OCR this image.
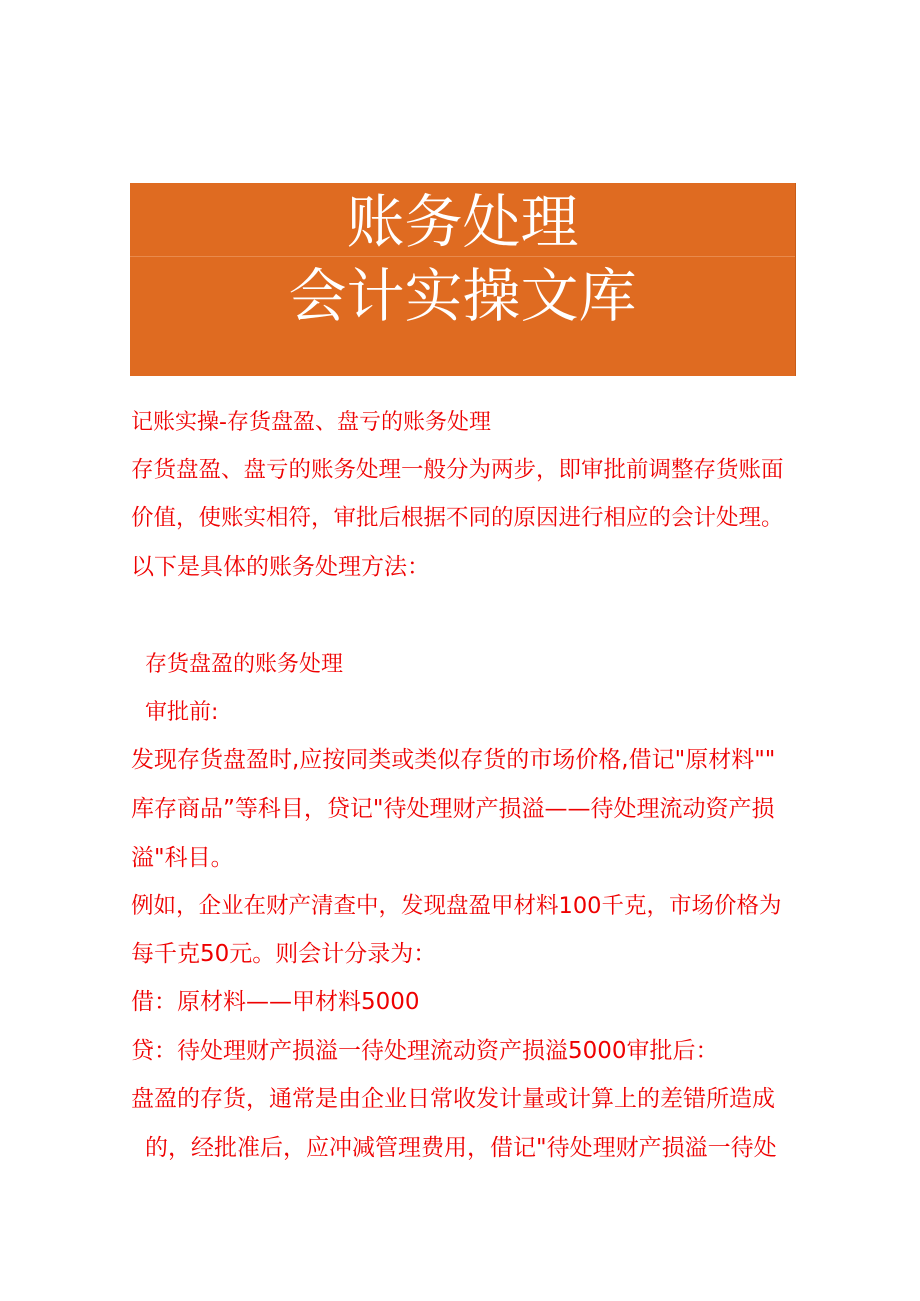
账务处理
会计实操文库
记账实操-存货盘盈、盘亏的账务处理
存货盘盈、盘亏的账务处理一般分为两步，即审批前调整存货账面
价值，使账实相符，审批后根据不同的原因进行相应的会计处理。
以下是具体的账务处理方法：
存货盘盈的账务处理
审批前:
发现存货盘盈时,应按同类或类似存货的市场价格,借记"原材料""
库存商品”等科目，贷记"待处理财产损溢——待处理流动资产损
溢"科目。
例如，企业在财产清查中，发现盘盈甲材料100千克，市场价格为
每千克50元。则会计分录为：
借：原材料——甲材料5000
贷：待处理财产损溢一待处理流动资产损溢5000审批后：
盘盈的存货，通常是由企业日常收发计量或计算上的差错所造成
的，经批准后，应冲减管理费用，借记"待处理财产损溢一待处
